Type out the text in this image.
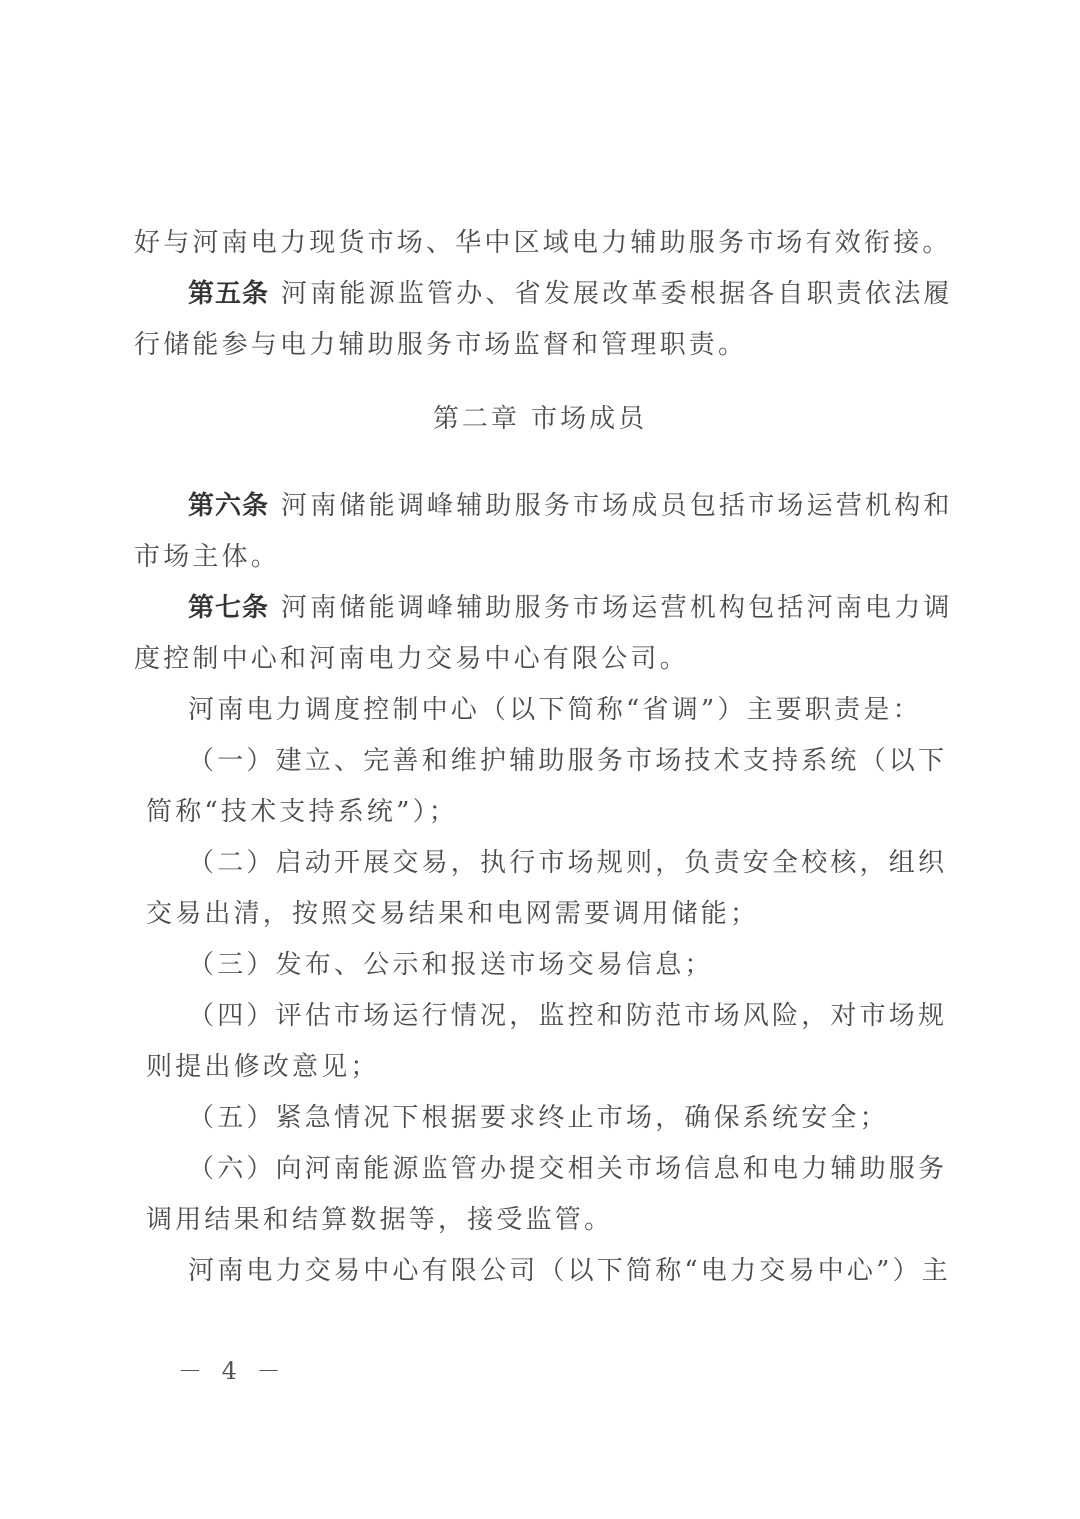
好与河南电力现货市场、华中区域电力辅助服务市场有效衔接。
第五条 河南能源监管办、省发展改革委根据各自职责依法履
行储能参与电力辅助服务市场监督和管理职责。
第二章 市场成员
第六条 河南储能调峰辅助服务市场成员包括市场运营机构和
市场主体。
第七条 河南储能调峰辅助服务市场运营机构包括河南电力调
度控制中心和河南电力交易中心有限公司。
河南电力调度控制中心（以下简称“省调”）主要职责是：
（一）建立、完善和维护辅助服务市场技术支持系统（以下
简称“技术支持系统”）；
（二）启动开展交易，执行市场规则，负责安全校核，组织
交易出清，按照交易结果和电网需要调用储能；
（三）发布、公示和报送市场交易信息；
（四）评估市场运行情况，监控和防范市场风险，对市场规
则提出修改意见；
（五）紧急情况下根据要求终止市场，确保系统安全；
（六）向河南能源监管办提交相关市场信息和电力辅助服务
调用结果和结算数据等，接受监管。
河南电力交易中心有限公司（以下简称“电力交易中心”）主
－ 4 －
